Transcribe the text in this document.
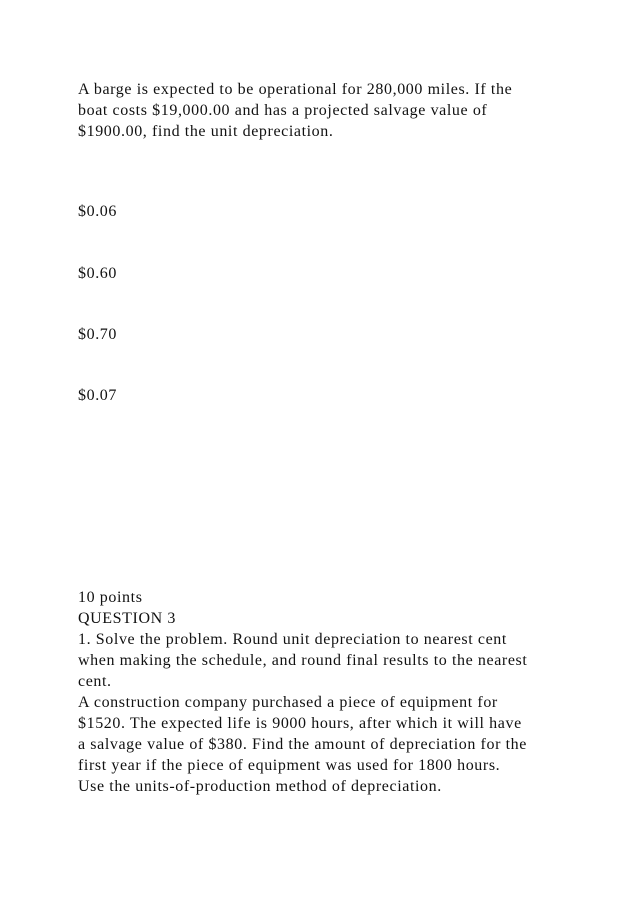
A barge is expected to be operational for 280,000 miles. If the
boat costs $19,000.00 and has a projected salvage value of
$1900.00, find the unit depreciation.
$0.06
$0.60
$0.70
$0.07
10 points
QUESTION 3
1. Solve the problem. Round unit depreciation to nearest cent
when making the schedule, and round final results to the nearest
cent.
A construction company purchased a piece of equipment for
$1520. The expected life is 9000 hours, after which it will have
a salvage value of $380. Find the amount of depreciation for the
first year if the piece of equipment was used for 1800 hours.
Use the units-of-production method of depreciation.
